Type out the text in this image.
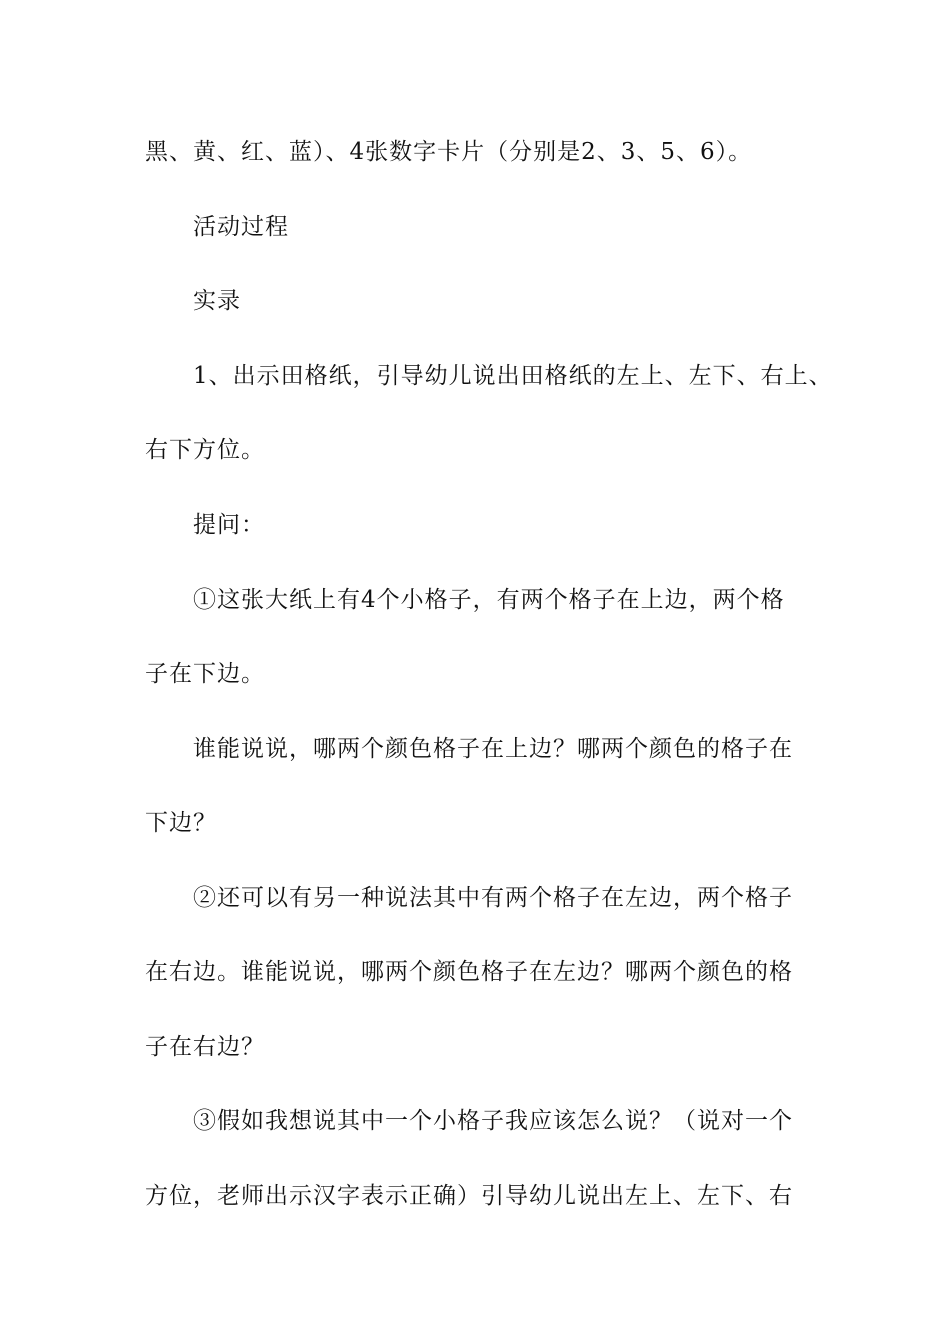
黑、黄、红、蓝）、4张数字卡片（分别是2、3、5、6）。
活动过程
实录
1、出示田格纸，引导幼儿说出田格纸的左上、左下、右上、
右下方位。
提问：
①这张大纸上有4个小格子，有两个格子在上边，两个格
子在下边。
谁能说说，哪两个颜色格子在上边？哪两个颜色的格子在
下边？
②还可以有另一种说法其中有两个格子在左边，两个格子
在右边。谁能说说，哪两个颜色格子在左边？哪两个颜色的格
子在右边？
③假如我想说其中一个小格子我应该怎么说？（说对一个
方位，老师出示汉字表示正确）引导幼儿说出左上、左下、右
